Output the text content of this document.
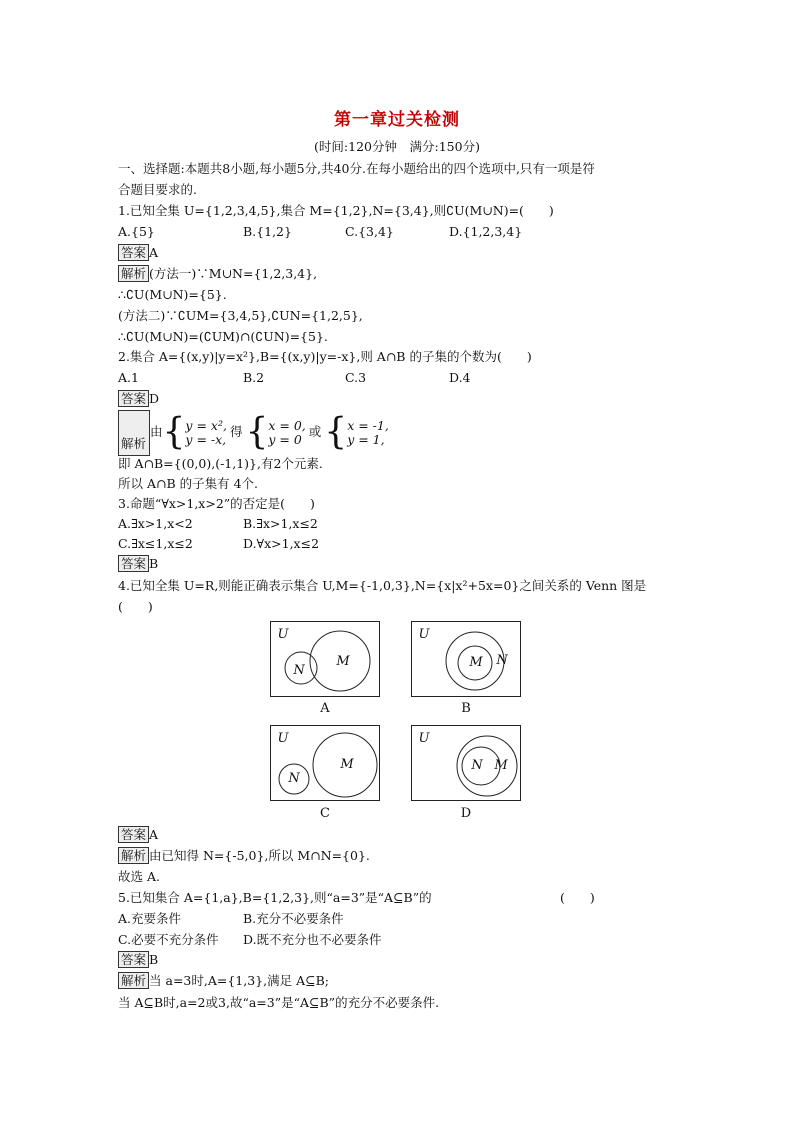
第一章过关检测
(时间:120分钟　满分:150分)
一、选择题:本题共8小题,每小题5分,共40分.在每小题给出的四个选项中,只有一项是符
合题目要求的.
1.已知全集 U={1,2,3,4,5},集合 M={1,2},N={3,4},则∁U(M∪N)=(　　)
A.{5}	B.{1,2}	C.{3,4}	D.{1,2,3,4}
答案 A
解析 (方法一)∵M∪N={1,2,3,4},
∴∁U(M∪N)={5}.
(方法二)∵∁UM={3,4,5},∁UN={1,2,5},
∴∁U(M∪N)=(∁UM)∩(∁UN)={5}.
2.集合 A={(x,y)|y=x²},B={(x,y)|y=-x},则 A∩B 的子集的个数为(　　)
A.1	B.2	C.3	D.4
答案 D
解析
由{y = x²,
y = -x, 得{x = 0,
y = 0 或{x = -1,
y = 1,
即 A∩B={(0,0),(-1,1)},有2个元素.
所以 A∩B 的子集有 4个.
3.命题“∀x>1,x>2”的否定是(　　)
A.∃x>1,x<2	B.∃x>1,x≤2
C.∃x≤1,x≤2	D.∀x>1,x≤2
答案 B
4.已知全集 U=R,则能正确表示集合 U,M={-1,0,3},N={x|x²+5x=0}之间关系的 Venn 图是
(　　)
U
M
N
A
U
M	N
B
U
M
N
C
U
N M
D
答案 A
解析 由已知得 N={-5,0},所以 M∩N={0}.
故选 A.
5.已知集合 A={1,a},B={1,2,3},则“a=3”是“A⊆B”的	(　　)
A.充要条件	B.充分不必要条件
C.必要不充分条件 D.既不充分也不必要条件
答案 B
解析 当 a=3时,A={1,3},满足 A⊆B;
当 A⊆B时,a=2或3,故“a=3”是“A⊆B”的充分不必要条件.
